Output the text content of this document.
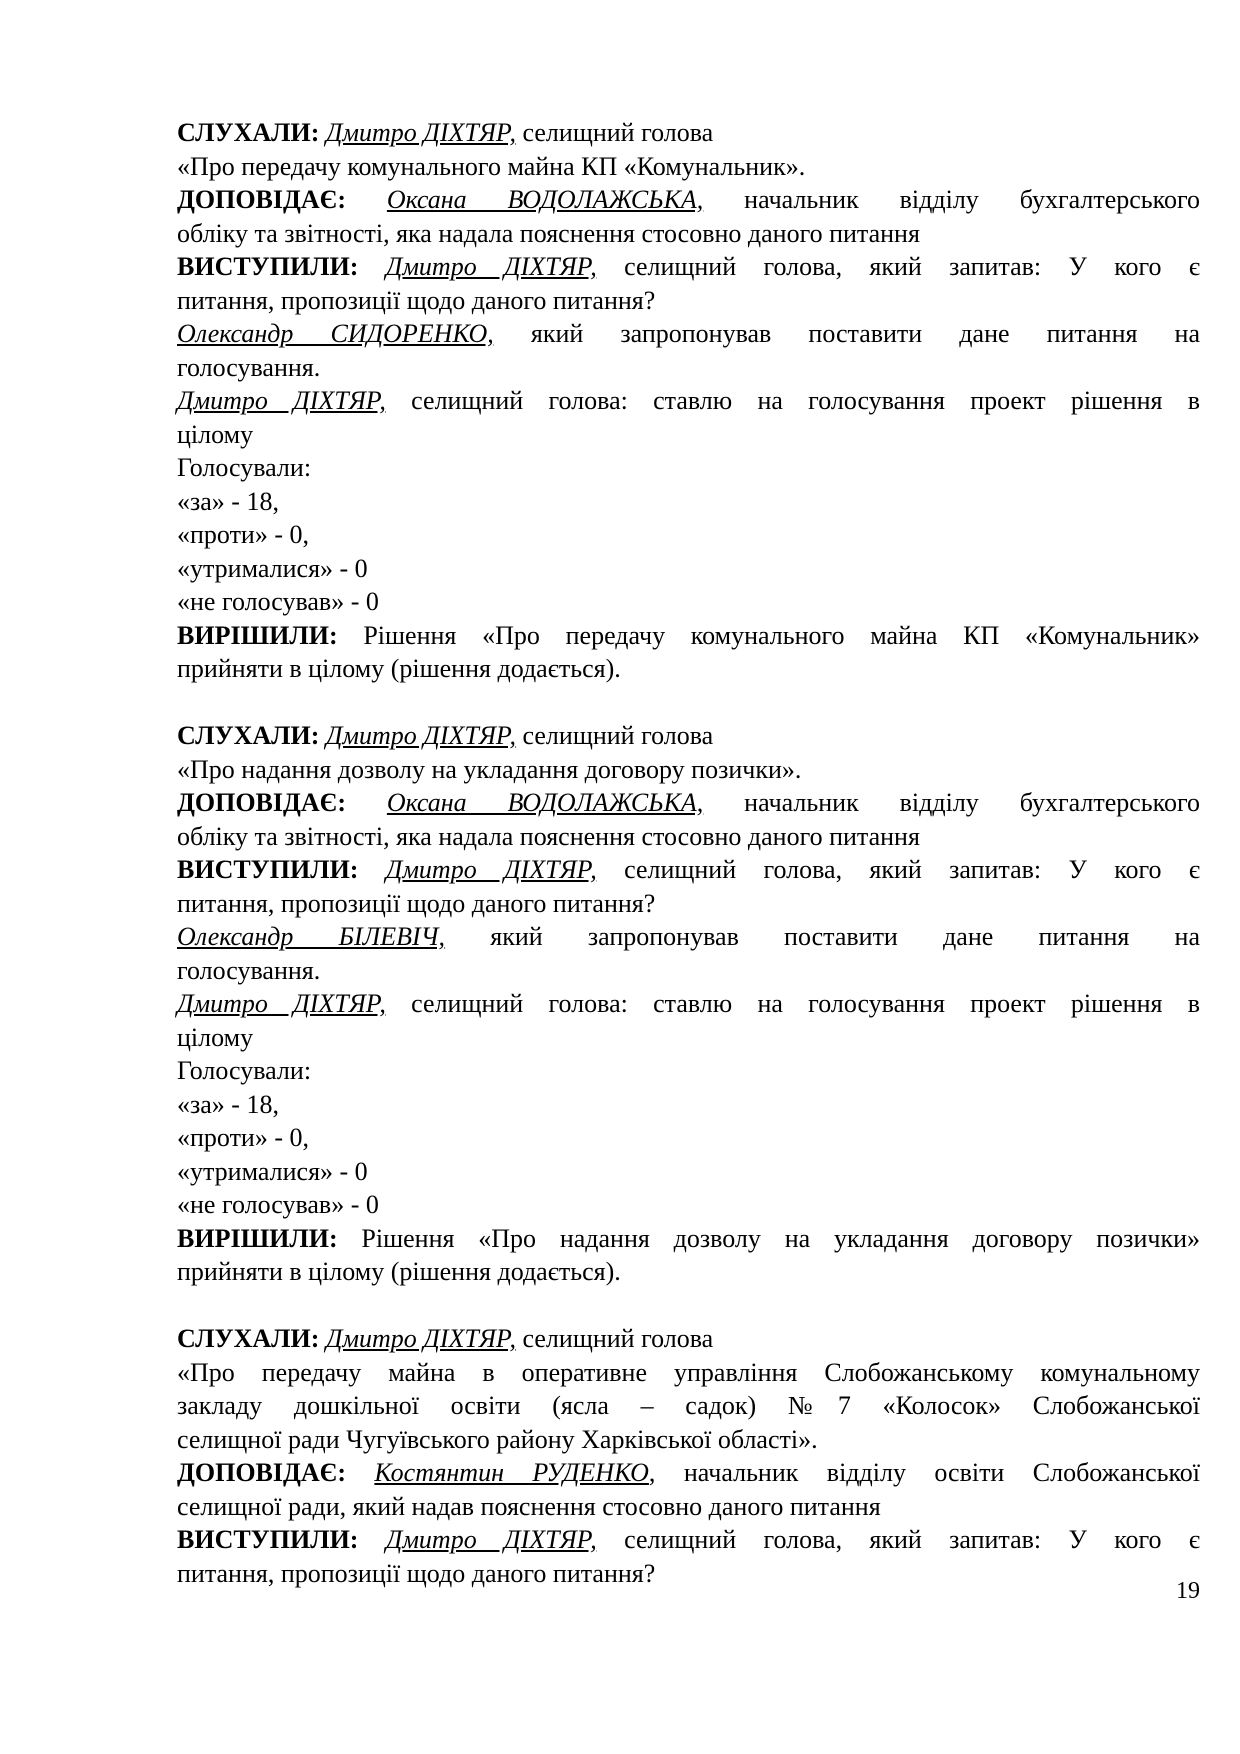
СЛУХАЛИ: Дмитро ДІХТЯР, селищний голова
«Про передачу комунального майна КП «Комунальник».
ДОПОВІДАЄ: Оксана ВОДОЛАЖСЬКА, начальник відділу бухгалтерського
обліку та звітності, яка надала пояснення стосовно даного питання
ВИСТУПИЛИ: Дмитро ДІХТЯР, селищний голова, який запитав: У кого є
питання, пропозиції щодо даного питання?
Олександр СИДОРЕНКО, який запропонував поставити дане питання на
голосування.
Дмитро ДІХТЯР, селищний голова: ставлю на голосування проект рішення в
цілому
Голосували:
«за» - 18,
«проти» - 0,
«утрималися» - 0
«не голосував» - 0
ВИРІШИЛИ: Рішення «Про передачу комунального майна КП «Комунальник»
прийняти в цілому (рішення додається).
СЛУХАЛИ: Дмитро ДІХТЯР, селищний голова
«Про надання дозволу на укладання договору позички».
ДОПОВІДАЄ: Оксана ВОДОЛАЖСЬКА, начальник відділу бухгалтерського
обліку та звітності, яка надала пояснення стосовно даного питання
ВИСТУПИЛИ: Дмитро ДІХТЯР, селищний голова, який запитав: У кого є
питання, пропозиції щодо даного питання?
Олександр БІЛЕВІЧ, який запропонував поставити дане питання на
голосування.
Дмитро ДІХТЯР, селищний голова: ставлю на голосування проект рішення в
цілому
Голосували:
«за» - 18,
«проти» - 0,
«утрималися» - 0
«не голосував» - 0
ВИРІШИЛИ: Рішення «Про надання дозволу на укладання договору позички»
прийняти в цілому (рішення додається).
СЛУХАЛИ: Дмитро ДІХТЯР, селищний голова
«Про передачу майна в оперативне управління Слобожанському комунальному
закладу дошкільної освіти (ясла – садок) №7 «Колосок» Слобожанської
селищної ради Чугуївського району Харківської області».
ДОПОВІДАЄ: Костянтин РУДЕНКО, начальник відділу освіти Слобожанської
селищної ради, який надав пояснення стосовно даного питання
ВИСТУПИЛИ: Дмитро ДІХТЯР, селищний голова, який запитав: У кого є
питання, пропозиції щодо даного питання?
19
